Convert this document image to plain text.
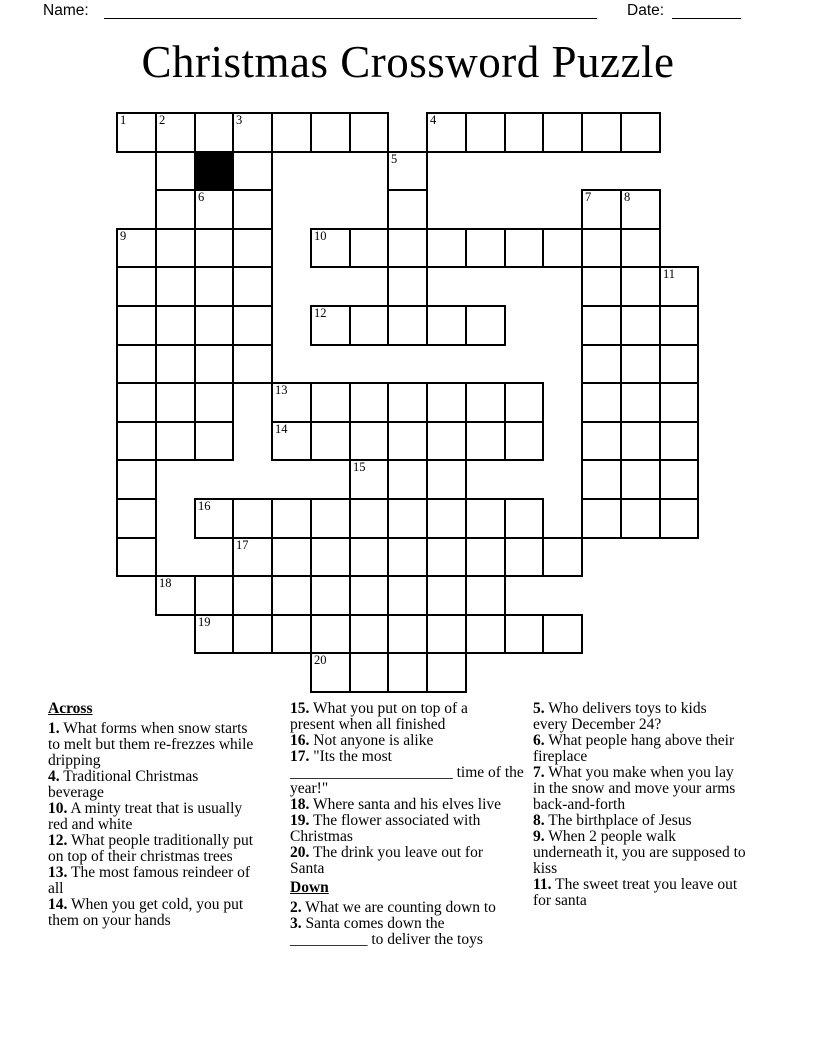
Name:	Date:
Christmas Crossword Puzzle
1	2	3	4
5
6	7	8
9	10
11
12
13
14
15
16
17
18
19
20
Across
1. What forms when snow starts
to melt but them re-frezzes while
dripping
4. Traditional Christmas
beverage
10. A minty treat that is usually
red and white
12. What people traditionally put
on top of their christmas trees
13. The most famous reindeer of
all
14. When you get cold, you put
them on your hands
15. What you put on top of a
present when all finished
16. Not anyone is alike
17. "Its the most
_____________________ time of the
year!"
18. Where santa and his elves live
19. The flower associated with
Christmas
20. The drink you leave out for
Santa
Down
2. What we are counting down to
3. Santa comes down the
__________ to deliver the toys
5. Who delivers toys to kids
every December 24?
6. What people hang above their
fireplace
7. What you make when you lay
in the snow and move your arms
back-and-forth
8. The birthplace of Jesus
9. When 2 people walk
underneath it, you are supposed to
kiss
11. The sweet treat you leave out
for santa
